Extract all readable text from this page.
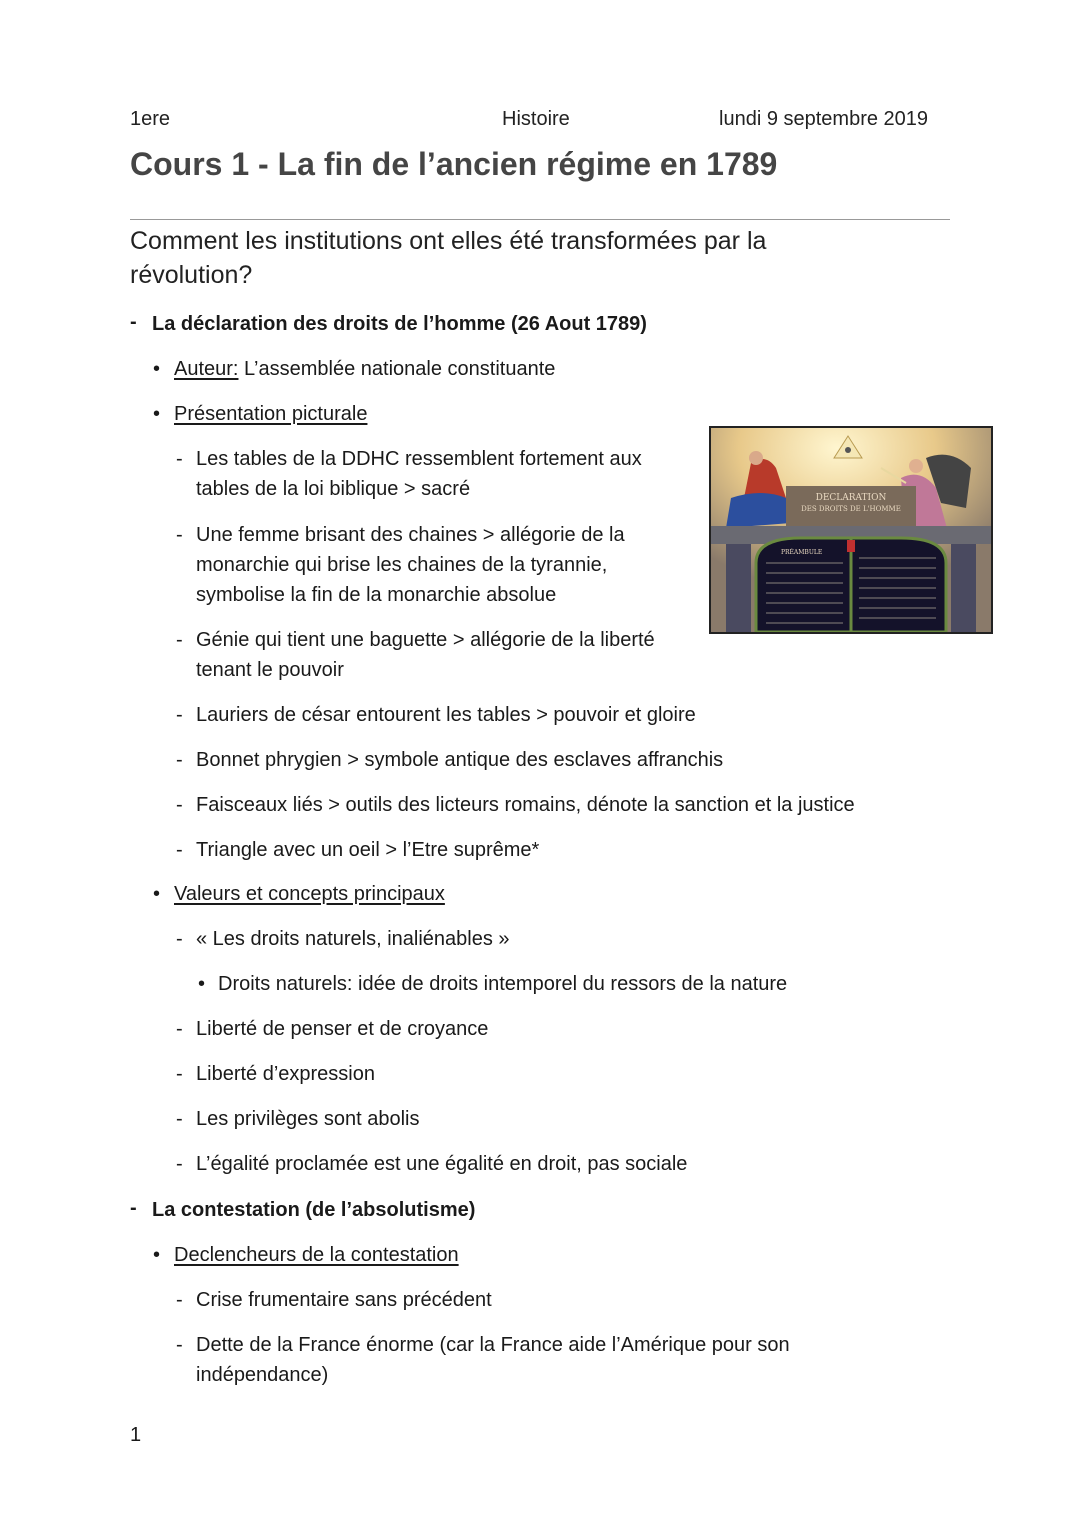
1ere	Histoire	lundi 9 septembre 2019
Cours 1 - La fin de l’ancien régime en 1789
Comment les institutions ont elles été transformées par la révolution?
- La déclaration des droits de l’homme (26 Aout 1789)
• Auteur: L’assemblée nationale constituante
• Présentation picturale
- Les tables de la DDHC ressemblent fortement aux tables de la loi biblique > sacré
- Une femme brisant des chaines > allégorie de la monarchie qui brise les chaines de la tyrannie, symbolise la fin de la monarchie absolue
- Génie qui tient une baguette > allégorie de la liberté tenant le pouvoir
- Lauriers de césar entourent les tables > pouvoir et gloire
- Bonnet phrygien > symbole antique des esclaves affranchis
- Faisceaux liés > outils des licteurs romains, dénote la sanction et la justice
- Triangle avec un oeil > l’Etre suprême*
DECLARATION
DES DROITS DE L'HOMME
PRÉAMBULE
• Valeurs et concepts principaux
- « Les droits naturels, inaliénables »
• Droits naturels: idée de droits intemporel du ressors de la nature
- Liberté de penser et de croyance
- Liberté d’expression
- Les privilèges sont abolis
- L’égalité proclamée est une égalité en droit, pas sociale
- La contestation (de l’absolutisme)
• Declencheurs de la contestation
- Crise frumentaire sans précédent
- Dette de la France énorme (car la France aide l’Amérique pour son indépendance)
1
